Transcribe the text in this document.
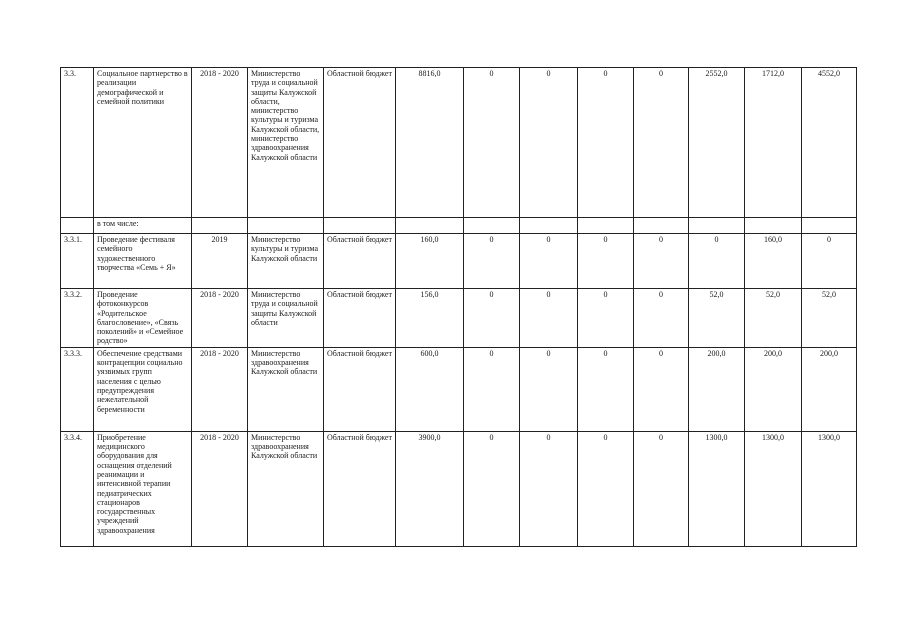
3.3.	Социальное партнерство в реализации демографической и семейной политики	2018 - 2020	Министерство труда и социальной защиты Калужской области, министерство культуры и туризма Калужской области, министерство здравоохранения Калужской области	Областной бюджет	8816,0	0	0	0	0	2552,0	1712,0	4552,0
	в том числе:											
3.3.1.	Проведение фестиваля семейного художественного творчества «Семь + Я»	2019	Министерство культуры и туризма Калужской области	Областной бюджет	160,0	0	0	0	0	0	160,0	0
3.3.2.	Проведение фотоконкурсов «Родительское благословение», «Связь поколений» и «Семейное родство»	2018 - 2020	Министерство труда и социальной защиты Калужской области	Областной бюджет	156,0	0	0	0	0	52,0	52,0	52,0
3.3.3.	Обеспечение средствами контрацепции социально уязвимых групп населения с целью предупреждения нежелательной беременности	2018 - 2020	Министерство здравоохранения Калужской области	Областной бюджет	600,0	0	0	0	0	200,0	200,0	200,0
3.3.4.	Приобретение медицинского оборудования для оснащения отделений реанимации и интенсивной терапии педиатрических стационаров государственных учреждений здравоохранения	2018 - 2020	Министерство здравоохранения Калужской области	Областной бюджет	3900,0	0	0	0	0	1300,0	1300,0	1300,0
